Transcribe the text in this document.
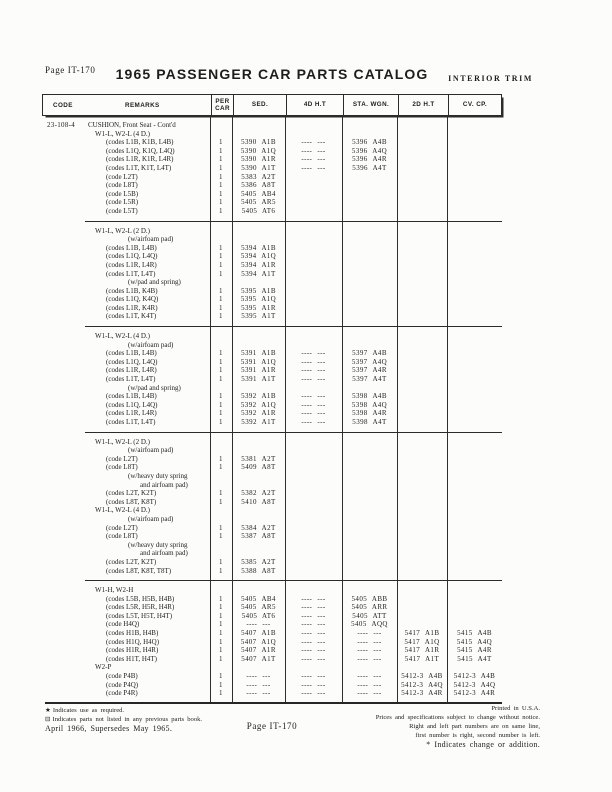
Page IT-170	1965 PASSENGER CAR PARTS CATALOG	INTERIOR TRIM
CODE	REMARKS
PER CAR
SED.	4D H.T	STA. WGN.	2D H.T	CV. CP.
23-108-4 CUSHION, Front Seat - Cont'd
W1-L, W2-L (4 D.)
(codes L1B, K1B, L4B)	1	5390 A1B	---- ---	5396 A4B
(codes L1Q, K1Q, L4Q)	1	5390 A1Q	---- ---	5396 A4Q
(codes L1R, K1R, L4R)	1	5390 A1R	---- ---	5396 A4R
(codes L1T, K1T, L4T)	1	5390 A1T	---- ---	5396 A4T
(code L2T)	1	5383 A2T
(code L8T)	1	5386 A8T
(code L5B)	1	5405 AB4
(code L5R)	1	5405 AR5
(code L5T)	1	5405 AT6
W1-L, W2-L (2 D.)
(w/airfoam pad)
(codes L1B, L4B)	1	5394 A1B
(codes L1Q, L4Q)	1	5394 A1Q
(codes L1R, L4R)	1	5394 A1R
(codes L1T, L4T)	1	5394 A1T
(w/pad and spring)
(codes L1B, K4B)	1	5395 A1B
(codes L1Q, K4Q)	1	5395 A1Q
(codes L1R, K4R)	1	5395 A1R
(codes L1T, K4T)	1	5395 A1T
W1-L, W2-L (4 D.)
(w/airfoam pad)
(codes L1B, L4B)	1	5391 A1B	---- ---	5397 A4B
(codes L1Q, L4Q)	1	5391 A1Q	---- ---	5397 A4Q
(codes L1R, L4R)	1	5391 A1R	---- ---	5397 A4R
(codes L1T, L4T)	1	5391 A1T	---- ---	5397 A4T
(w/pad and spring)
(codes L1B, L4B)	1	5392 A1B	---- ---	5398 A4B
(codes L1Q, L4Q)	1	5392 A1Q	---- ---	5398 A4Q
(codes L1R, L4R)	1	5392 A1R	---- ---	5398 A4R
(codes L1T, L4T)	1	5392 A1T	---- ---	5398 A4T
W1-L, W2-L (2 D.)
(w/airfoam pad)
(code L2T)	1	5381 A2T
(code L8T)	1	5409 A8T
(w/heavy duty spring
and airfoam pad)
(codes L2T, K2T)	1	5382 A2T
(codes L8T, K8T)	1	5410 A8T
W1-L, W2-L (4 D.)
(w/airfoam pad)
(code L2T)	1	5384 A2T
(code L8T)	1	5387 A8T
(w/heavy duty spring
and airfoam pad)
(codes L2T, K2T)	1	5385 A2T
(codes L8T, K8T, T8T)	1	5388 A8T
W1-H, W2-H
(codes L5B, H5B, H4B)	1	5405 AB4	---- ---	5405 ABB
(codes L5R, H5R, H4R)	1	5405 AR5	---- ---	5405 ARR
(codes L5T, H5T, H4T)	1	5405 AT6	---- ---	5405 ATT
(code H4Q)	1	---- ---	---- ---	5405 AQQ
(codes H1B, H4B)	1	5407 A1B	---- ---	---- ---	5417 A1B	5415 A4B
(codes H1Q, H4Q)	1	5407 A1Q	---- ---	---- ---	5417 A1Q	5415 A4Q
(codes H1R, H4R)	1	5407 A1R	---- ---	---- ---	5417 A1R	5415 A4R
(codes H1T, H4T)	1	5407 A1T	---- ---	---- ---	5417 A1T	5415 A4T
W2-P
(code P4B)	1	---- ---	---- ---	---- ---	5412-3 A4B	5412-3 A4B
(code P4Q)	1	---- ---	---- ---	---- ---	5412-3 A4Q	5412-3 A4Q
(code P4R)	1	---- ---	---- ---	---- ---	5412-3 A4R	5412-3 A4R
★ Indicates use as required.
⊟ Indicates parts not listed in any previous parts book.
April 1966, Supersedes May 1965.	Page IT-170
Printed in U.S.A.
Prices and specifications subject to change without notice.
Right and left part numbers are on same line,
first number is right, second number is left.
* Indicates change or addition.
